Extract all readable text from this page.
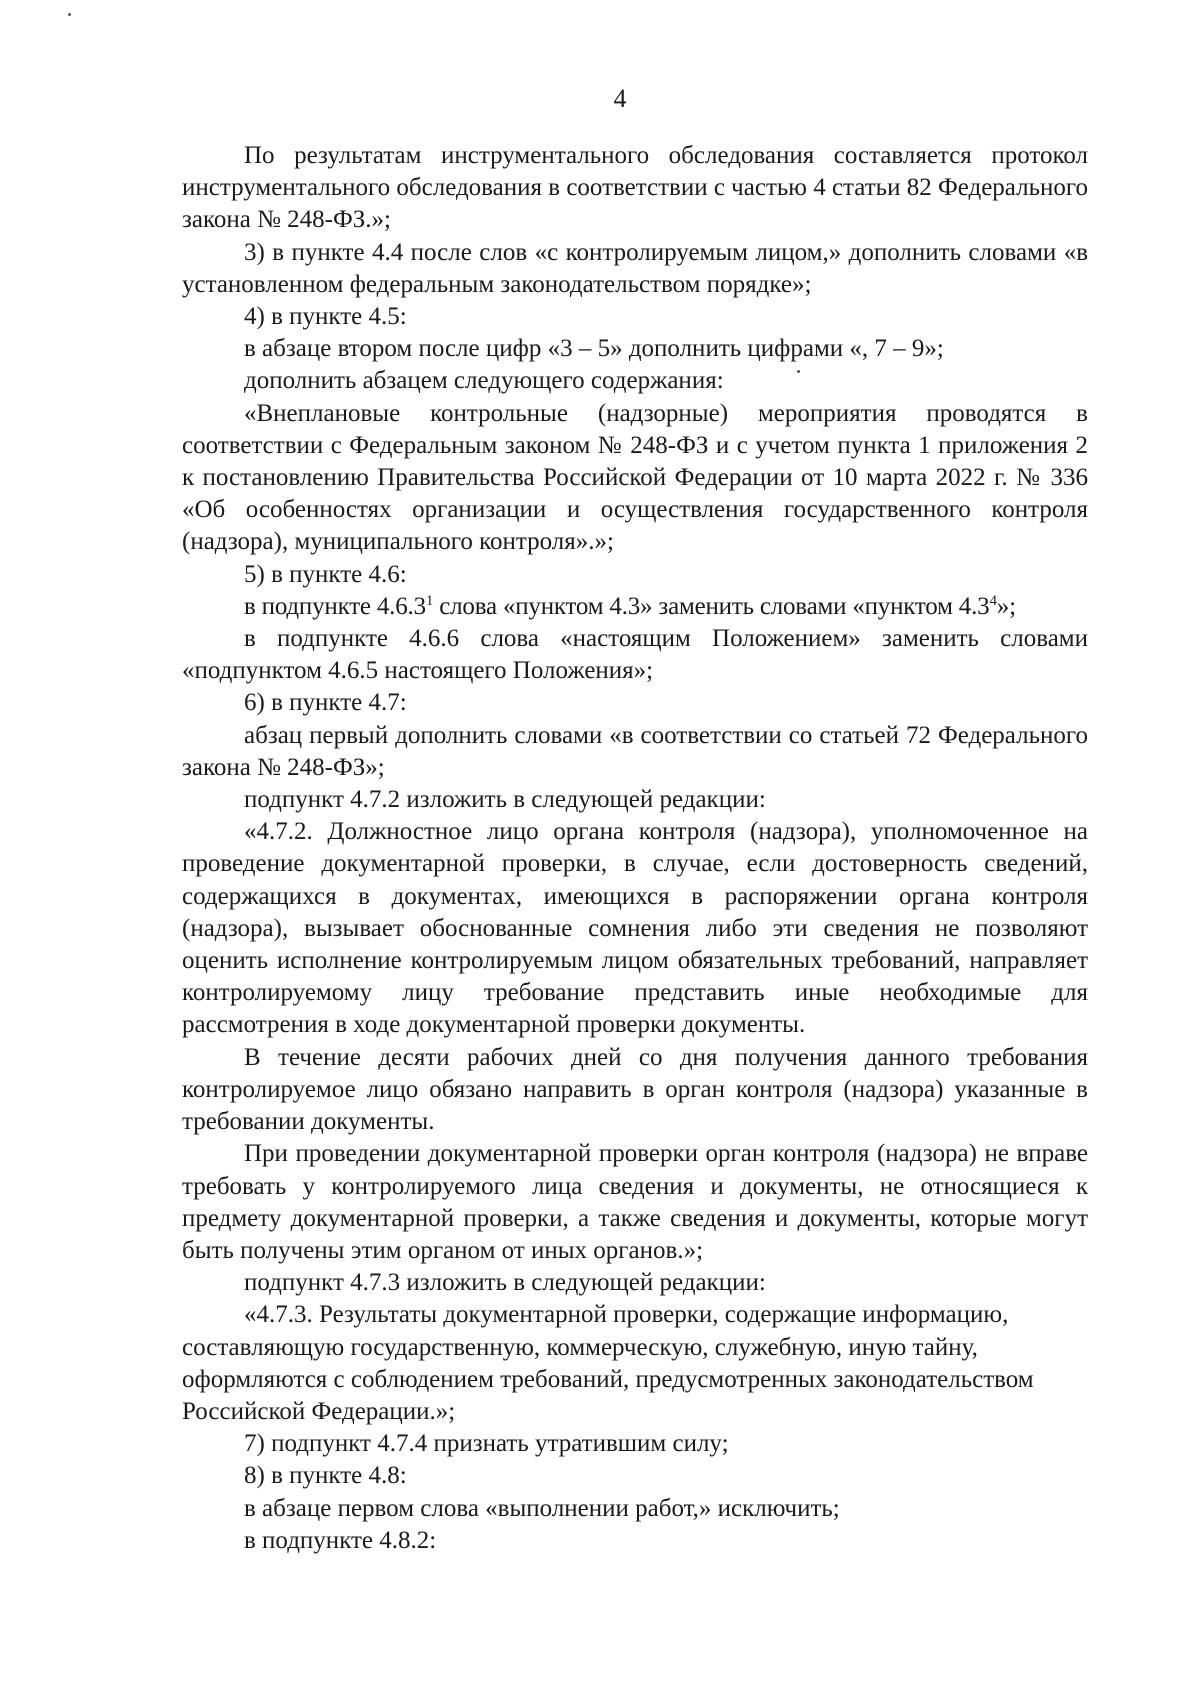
4

По результатам инструментального обследования составляется протокол инструментального обследования в соответствии с частью 4 статьи 82 Федерального закона № 248-ФЗ.»;

3) в пункте 4.4 после слов «с контролируемым лицом,» дополнить словами «в установленном федеральным законодательством порядке»;

4) в пункте 4.5:

в абзаце втором после цифр «3 – 5» дополнить цифрами «, 7 – 9»;

дополнить абзацем следующего содержания:

«Внеплановые контрольные (надзорные) мероприятия проводятся в соответствии с Федеральным законом № 248-ФЗ и с учетом пункта 1 приложения 2 к постановлению Правительства Российской Федерации от 10 марта 2022 г. № 336 «Об особенностях организации и осуществления государственного контроля (надзора), муниципального контроля».»;

5) в пункте 4.6:

в подпункте 4.6.3$^1$ слова «пунктом 4.3» заменить словами «пунктом $4.3^4$»;

в подпункте 4.6.6 слова «настоящим Положением» заменить словами «подпунктом 4.6.5 настоящего Положения»;

6) в пункте 4.7:

абзац первый дополнить словами «в соответствии со статьей 72 Федерального закона № 248-ФЗ»;

подпункт 4.7.2 изложить в следующей редакции:

«4.7.2. Должностное лицо органа контроля (надзора), уполномоченное на проведение документарной проверки, в случае, если достоверность сведений, содержащихся в документах, имеющихся в распоряжении органа контроля (надзора), вызывает обоснованные сомнения либо эти сведения не позволяют оценить исполнение контролируемым лицом обязательных требований, направляет контролируемому лицу требование представить иные необходимые для рассмотрения в ходе документарной проверки документы.

В течение десяти рабочих дней со дня получения данного требования контролируемое лицо обязано направить в орган контроля (надзора) указанные в требовании документы.

При проведении документарной проверки орган контроля (надзора) не вправе требовать у контролируемого лица сведения и документы, не относящиеся к предмету документарной проверки, а также сведения и документы, которые могут быть получены этим органом от иных органов.»;

подпункт 4.7.3 изложить в следующей редакции:

«4.7.3. Результаты документарной проверки, содержащие информацию, составляющую государственную, коммерческую, служебную, иную тайну, оформляются с соблюдением требований, предусмотренных законодательством Российской Федерации.»;

7) подпункт 4.7.4 признать утратившим силу;

8) в пункте 4.8:

в абзаце первом слова «выполнении работ,» исключить;

в подпункте 4.8.2:
